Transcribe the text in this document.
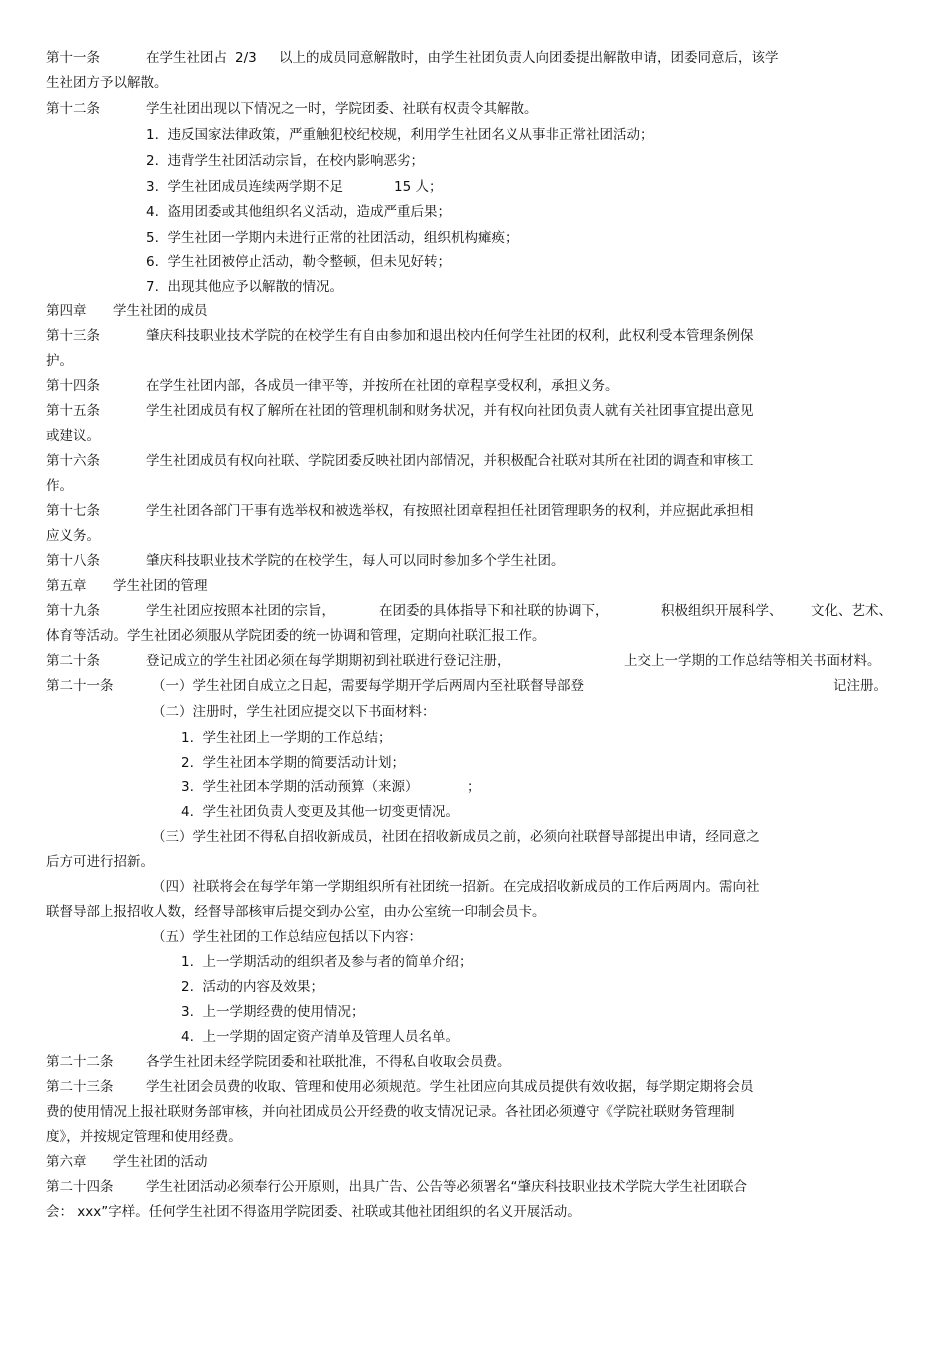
第十一条	在学生社团占 2/3 以上的成员同意解散时，由学生社团负责人向团委提出解散申请，团委同意后，该学
生社团方予以解散。
第十二条	学生社团出现以下情况之一时，学院团委、社联有权责令其解散。
1.  违反国家法律政策，严重触犯校纪校规，利用学生社团名义从事非正常社团活动；
2.  违背学生社团活动宗旨，在校内影响恶劣；
3.  学生社团成员连续两学期不足	15 人；
4.  盗用团委或其他组织名义活动，造成严重后果；
5.  学生社团一学期内未进行正常的社团活动，组织机构瘫痪；
6.  学生社团被停止活动，勒令整顿，但未见好转；
7.  出现其他应予以解散的情况。
第四章 学生社团的成员
第十三条	肇庆科技职业技术学院的在校学生有自由参加和退出校内任何学生社团的权利，此权利受本管理条例保
护。
第十四条	在学生社团内部，各成员一律平等，并按所在社团的章程享受权利，承担义务。
第十五条	学生社团成员有权了解所在社团的管理机制和财务状况，并有权向社团负责人就有关社团事宜提出意见
或建议。
第十六条	学生社团成员有权向社联、学院团委反映社团内部情况，并积极配合社联对其所在社团的调查和审核工
作。
第十七条	学生社团各部门干事有选举权和被选举权，有按照社团章程担任社团管理职务的权利，并应据此承担相
应义务。
第十八条	肇庆科技职业技术学院的在校学生，每人可以同时参加多个学生社团。
第五章 学生社团的管理
第十九条	学生社团应按照本社团的宗旨，	在团委的具体指导下和社联的协调下，	积极组织开展科学、 文化、艺术、
体育等活动。学生社团必须服从学院团委的统一协调和管理，定期向社联汇报工作。
第二十条	登记成立的学生社团必须在每学期期初到社联进行登记注册，	上交上一学期的工作总结等相关书面材料。
第二十一条	（一）学生社团自成立之日起，需要每学期开学后两周内至社联督导部登	记注册。
（二）注册时，学生社团应提交以下书面材料：
1.  学生社团上一学期的工作总结；
2.  学生社团本学期的简要活动计划；
3.  学生社团本学期的活动预算（来源）	；
4.  学生社团负责人变更及其他一切变更情况。
（三）学生社团不得私自招收新成员，社团在招收新成员之前，必须向社联督导部提出申请，经同意之
后方可进行招新。
（四）社联将会在每学年第一学期组织所有社团统一招新。在完成招收新成员的工作后两周内。需向社
联督导部上报招收人数，经督导部核审后提交到办公室，由办公室统一印制会员卡。
（五）学生社团的工作总结应包括以下内容：
1.  上一学期活动的组织者及参与者的简单介绍；
2.  活动的内容及效果；
3.  上一学期经费的使用情况；
4.  上一学期的固定资产清单及管理人员名单。
第二十二条 各学生社团未经学院团委和社联批准，不得私自收取会员费。
第二十三条 学生社团会员费的收取、管理和使用必须规范。学生社团应向其成员提供有效收据，每学期定期将会员
费的使用情况上报社联财务部审核，并向社团成员公开经费的收支情况记录。各社团必须遵守《学院社联财务管理制
度》，并按规定管理和使用经费。
第六章 学生社团的活动
第二十四条 学生社团活动必须奉行公开原则，出具广告、公告等必须署名“肇庆科技职业技术学院大学生社团联合
会： xxx”字样。任何学生社团不得盗用学院团委、社联或其他社团组织的名义开展活动。
